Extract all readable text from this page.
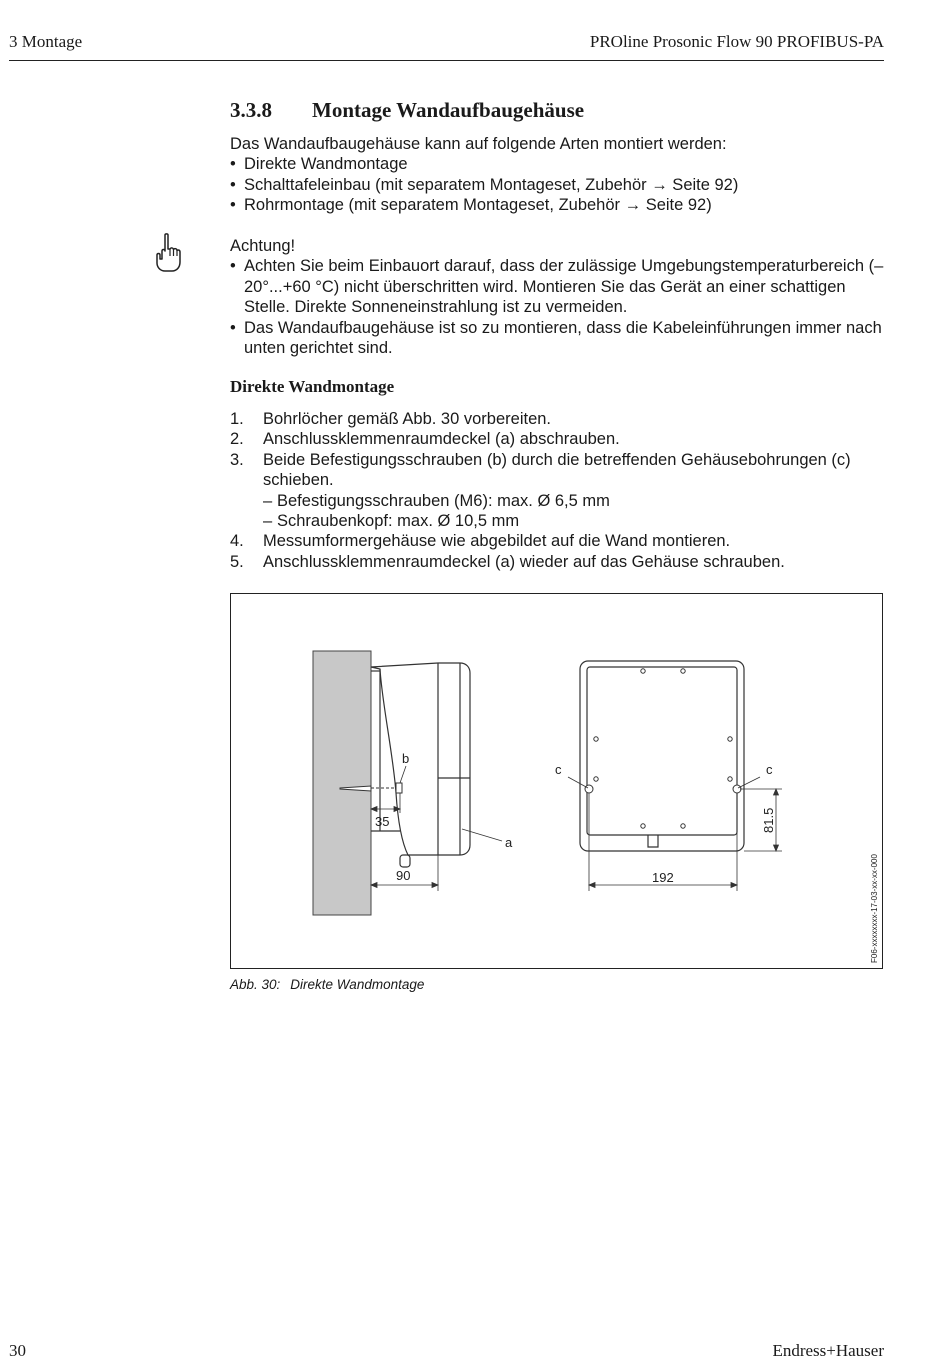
3 Montage	PROline Prosonic Flow 90 PROFIBUS-PA
3.3.8 Montage Wandaufbaugehäuse
Das Wandaufbaugehäuse kann auf folgende Arten montiert werden:
• Direkte Wandmontage
• Schalttafeleinbau (mit separatem Montageset, Zubehör → Seite 92)
• Rohrmontage (mit separatem Montageset, Zubehör → Seite 92)
Achtung!
• Achten Sie beim Einbauort darauf, dass der zulässige Umgebungstemperaturbereich (–20°...+60 °C) nicht überschritten wird. Montieren Sie das Gerät an einer schattigen Stelle. Direkte Sonneneinstrahlung ist zu vermeiden.
• Das Wandaufbaugehäuse ist so zu montieren, dass die Kabeleinführungen immer nach unten gerichtet sind.
Direkte Wandmontage
1. Bohrlöcher gemäß Abb. 30 vorbereiten.
2. Anschlussklemmenraumdeckel (a) abschrauben.
3. Beide Befestigungsschrauben (b) durch die betreffenden Gehäusebohrungen (c) schieben.
– Befestigungsschrauben (M6): max. Ø 6,5 mm
– Schraubenkopf: max. Ø 10,5 mm
4. Messumformergehäuse wie abgebildet auf die Wand montieren.
5. Anschlussklemmenraumdeckel (a) wieder auf das Gehäuse schrauben.
b
a
c	c
35
90	192
81.5
F06-xxxxxxxx-17-03-xx-xx-000
Abb. 30: Direkte Wandmontage
30	Endress+Hauser
